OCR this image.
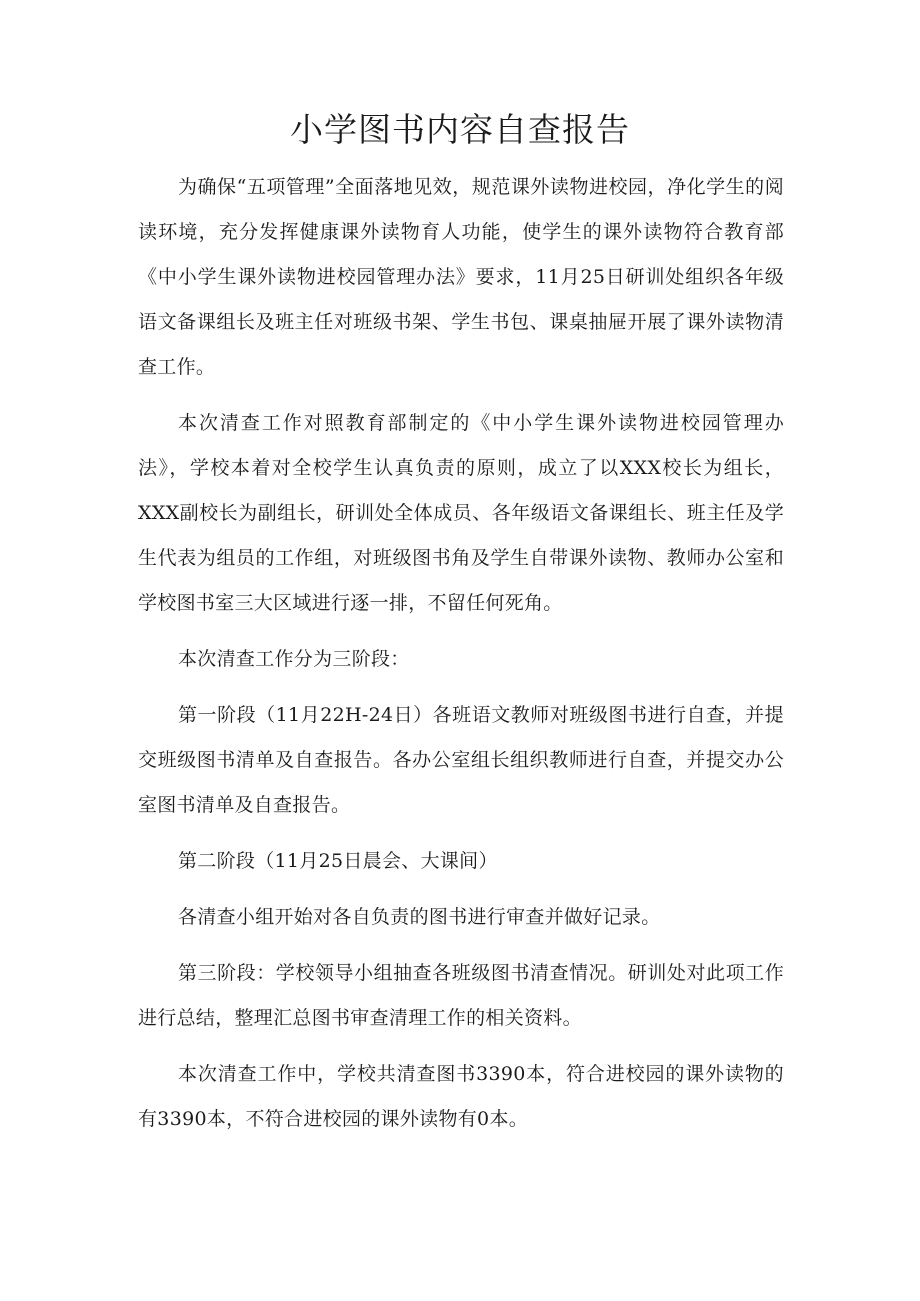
小学图书内容自查报告

为确保“五项管理”全面落地见效，规范课外读物进校园，净化学生的阅读环境，充分发挥健康课外读物育人功能，使学生的课外读物符合教育部《中小学生课外读物进校园管理办法》要求，11月25日研训处组织各年级语文备课组长及班主任对班级书架、学生书包、课桌抽屉开展了课外读物清查工作。

本次清查工作对照教育部制定的《中小学生课外读物进校园管理办法》，学校本着对全校学生认真负责的原则，成立了以XXX校长为组长，XXX副校长为副组长，研训处全体成员、各年级语文备课组长、班主任及学生代表为组员的工作组，对班级图书角及学生自带课外读物、教师办公室和学校图书室三大区域进行逐一排，不留任何死角。

本次清查工作分为三阶段：

第一阶段（11月22H-24日）各班语文教师对班级图书进行自查，并提交班级图书清单及自查报告。各办公室组长组织教师进行自查，并提交办公室图书清单及自查报告。

第二阶段（11月25日晨会、大课间）

各清查小组开始对各自负责的图书进行审查并做好记录。

第三阶段：学校领导小组抽查各班级图书清查情况。研训处对此项工作进行总结，整理汇总图书审查清理工作的相关资料。

本次清查工作中，学校共清查图书3390本，符合进校园的课外读物的有3390本，不符合进校园的课外读物有0本。
